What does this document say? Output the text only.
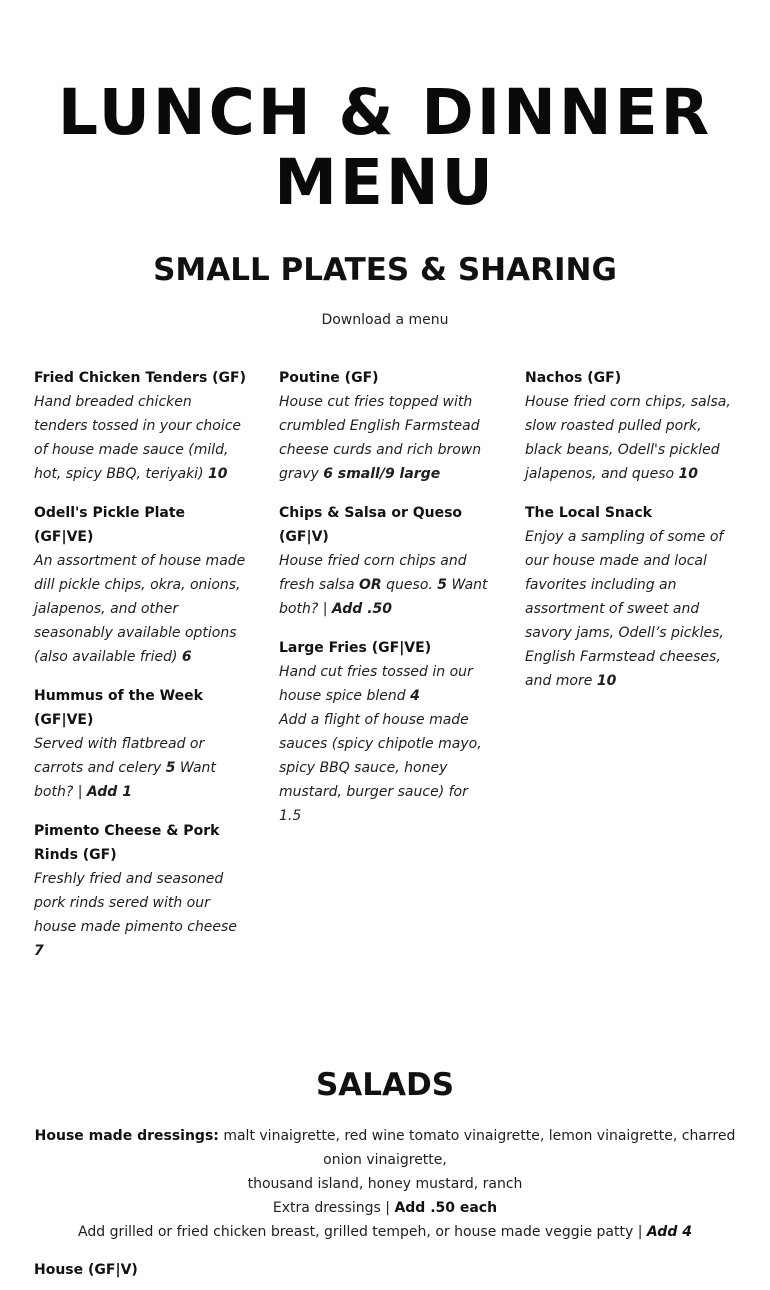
LUNCH & DINNER
MENU
SMALL PLATES & SHARING
Download a menu
Fried Chicken Tenders (GF)
Hand breaded chicken tenders tossed in your choice of house made sauce (mild, hot, spicy BBQ, teriyaki) 10
Odell's Pickle Plate (GF|VE)
An assortment of house made dill pickle chips, okra, onions, jalapenos, and other seasonably available options (also available fried) 6
Hummus of the Week (GF|VE)
Served with flatbread or carrots and celery 5 Want both? | Add 1
Pimento Cheese & Pork Rinds (GF)
Freshly fried and seasoned pork rinds sered with our house made pimento cheese 7
Poutine (GF)
House cut fries topped with crumbled English Farmstead cheese curds and rich brown gravy 6 small/9 large
Chips & Salsa or Queso (GF|V)
House fried corn chips and fresh salsa OR queso. 5 Want both? | Add .50
Large Fries (GF|VE)
Hand cut fries tossed in our house spice blend 4
Add a flight of house made sauces (spicy chipotle mayo, spicy BBQ sauce, honey mustard, burger sauce) for 1.5
Nachos (GF)
House fried corn chips, salsa, slow roasted pulled pork, black beans, Odell's pickled jalapenos, and queso 10
The Local Snack
Enjoy a sampling of some of our house made and local favorites including an assortment of sweet and savory jams, Odell’s pickles, English Farmstead cheeses, and more 10
SALADS
House made dressings: malt vinaigrette, red wine tomato vinaigrette, lemon vinaigrette, charred onion vinaigrette,
thousand island, honey mustard, ranch
Extra dressings | Add .50 each
Add grilled or fried chicken breast, grilled tempeh, or house made veggie patty | Add 4
House (GF|V)
